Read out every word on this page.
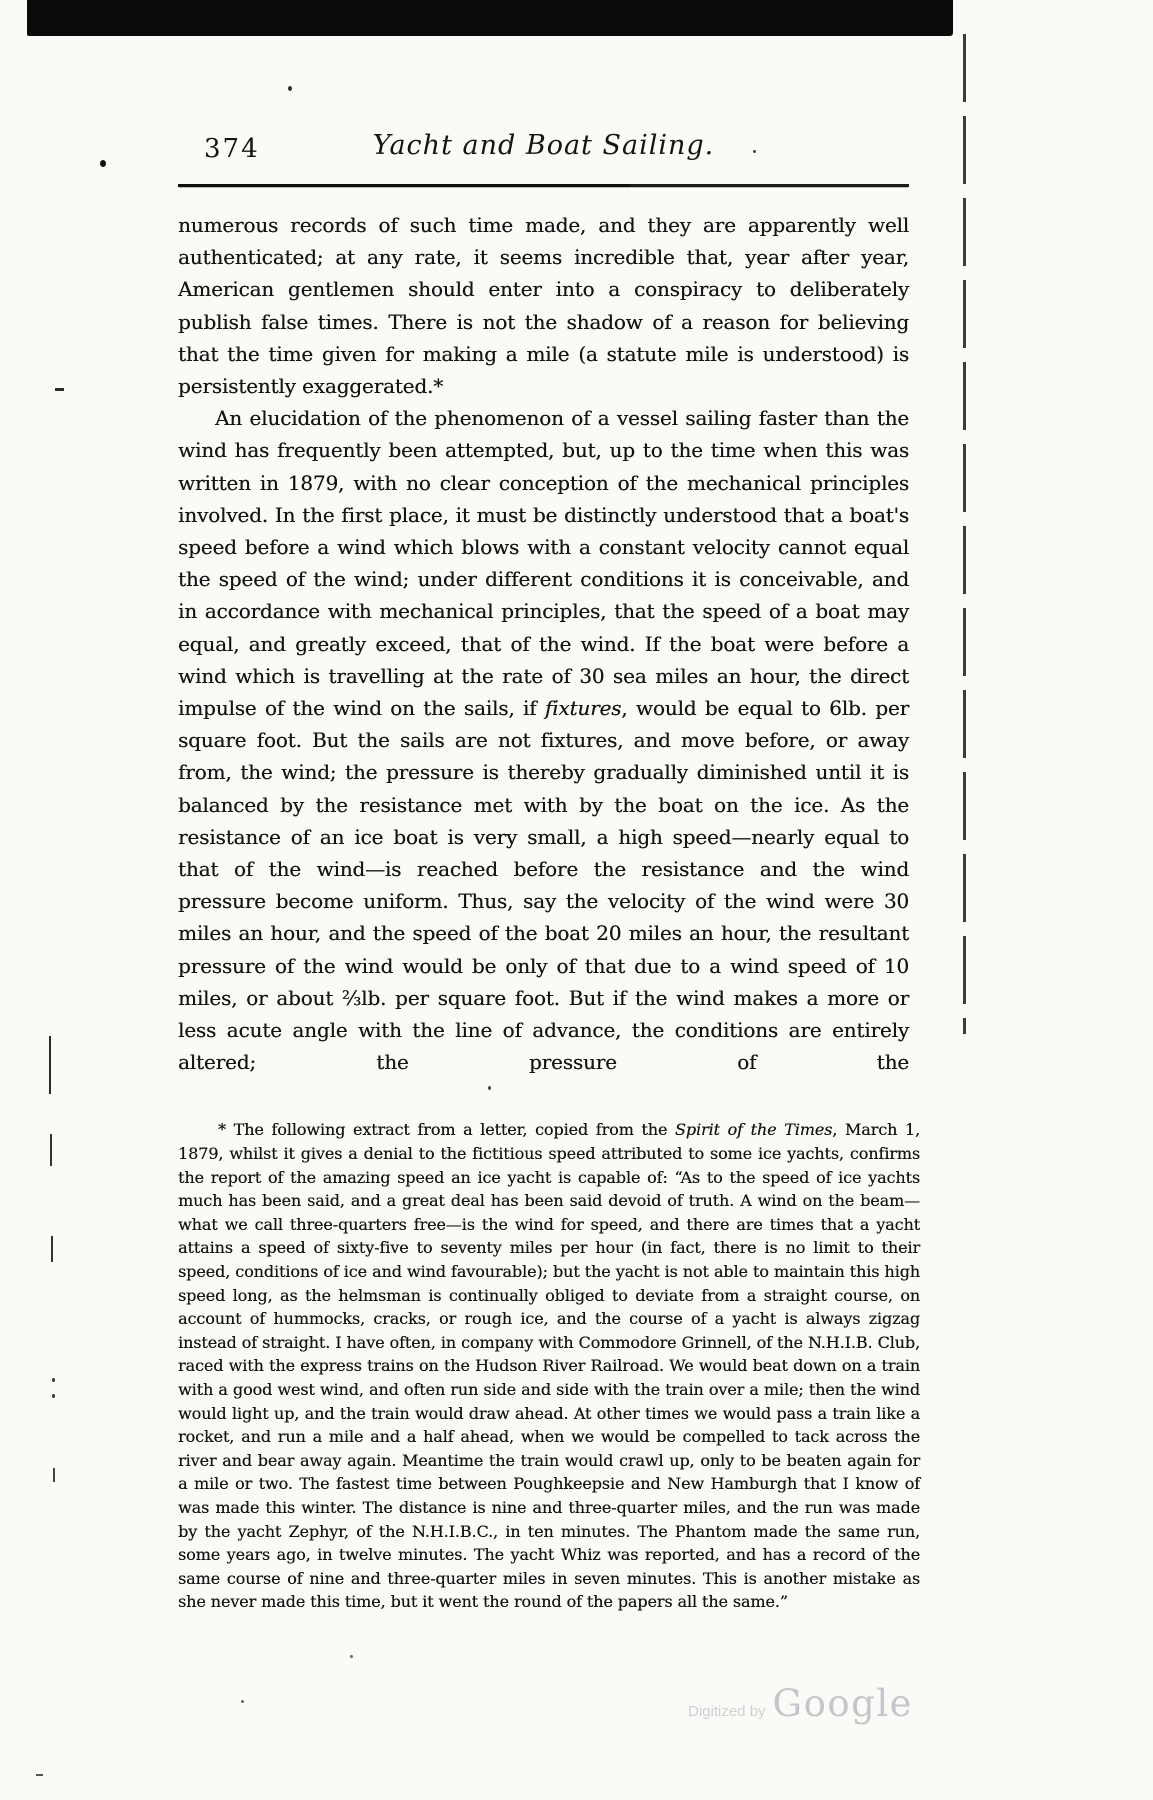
374	Yacht and Boat Sailing.

numerous records of such time made, and they are apparently well authenticated; at any rate, it seems incredible that, year after year, American gentlemen should enter into a conspiracy to deliberately publish false times. There is not the shadow of a reason for believing that the time given for making a mile (a statute mile is understood) is persistently exaggerated.*

An elucidation of the phenomenon of a vessel sailing faster than the wind has frequently been attempted, but, up to the time when this was written in 1879, with no clear conception of the mechanical principles involved. In the first place, it must be distinctly understood that a boat's speed before a wind which blows with a constant velocity cannot equal the speed of the wind; under different conditions it is conceivable, and in accordance with mechanical principles, that the speed of a boat may equal, and greatly exceed, that of the wind. If the boat were before a wind which is travelling at the rate of 30 sea miles an hour, the direct impulse of the wind on the sails, if fixtures, would be equal to 6lb. per square foot. But the sails are not fixtures, and move before, or away from, the wind; the pressure is thereby gradually diminished until it is balanced by the resistance met with by the boat on the ice. As the resistance of an ice boat is very small, a high speed—nearly equal to that of the wind—is reached before the resistance and the wind pressure become uniform. Thus, say the velocity of the wind were 30 miles an hour, and the speed of the boat 20 miles an hour, the resultant pressure of the wind would be only of that due to a wind speed of 10 miles, or about ⅔lb. per square foot. But if the wind makes a more or less acute angle with the line of advance, the conditions are entirely altered; the pressure of the

* The following extract from a letter, copied from the Spirit of the Times, March 1, 1879, whilst it gives a denial to the fictitious speed attributed to some ice yachts, confirms the report of the amazing speed an ice yacht is capable of: “As to the speed of ice yachts much has been said, and a great deal has been said devoid of truth. A wind on the beam—what we call three-quarters free—is the wind for speed, and there are times that a yacht attains a speed of sixty-five to seventy miles per hour (in fact, there is no limit to their speed, conditions of ice and wind favourable); but the yacht is not able to maintain this high speed long, as the helmsman is continually obliged to deviate from a straight course, on account of hummocks, cracks, or rough ice, and the course of a yacht is always zigzag instead of straight. I have often, in company with Commodore Grinnell, of the N.H.I.B. Club, raced with the express trains on the Hudson River Railroad. We would beat down on a train with a good west wind, and often run side and side with the train over a mile; then the wind would light up, and the train would draw ahead. At other times we would pass a train like a rocket, and run a mile and a half ahead, when we would be compelled to tack across the river and bear away again. Meantime the train would crawl up, only to be beaten again for a mile or two. The fastest time between Poughkeepsie and New Hamburgh that I know of was made this winter. The distance is nine and three-quarter miles, and the run was made by the yacht Zephyr, of the N.H.I.B.C., in ten minutes. The Phantom made the same run, some years ago, in twelve minutes. The yacht Whiz was reported, and has a record of the same course of nine and three-quarter miles in seven minutes. This is another mistake as she never made this time, but it went the round of the papers all the same.”

Digitized by Google
